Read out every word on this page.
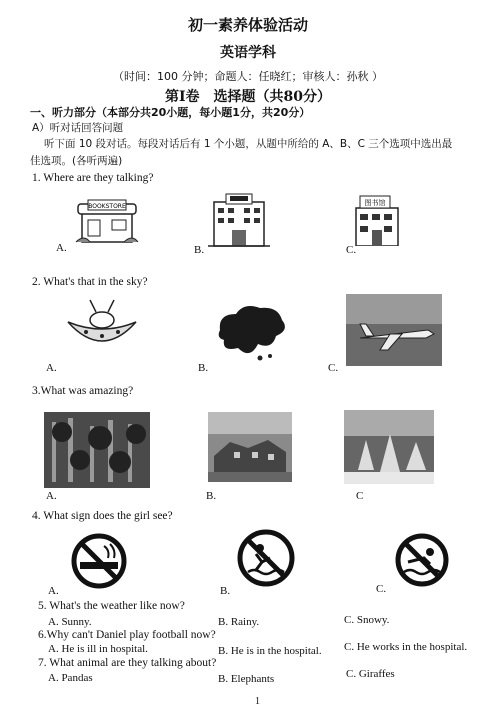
初一素养体验活动
英语学科
（时间：100 分钟；命题人：任晓红；审核人：孙秋 ）
第Ⅰ卷　选择题（共80分）
一、听力部分（本部分共20小题，每小题1分，共20分）
A）听对话回答问题
听下面 10 段对话。每段对话后有 1 个小题，从题中所给的 A、B、C 三个选项中选出最
佳选项。(各听两遍)
1. Where are they talking?
BOOKSTORE
A.	B.
图书馆
C.
2. What's that in the sky?
A.	B.	C.
3.What was amazing?
A.	B.	C
4. What sign does the girl see?
A.	B.	C.
5. What's the weather like now?
A. Sunny.	B. Rainy.	C. Snowy.
6.Why can't Daniel play football now?
A. He is ill in hospital.	B. He is in the hospital. C. He works in the hospital.
7. What animal are they talking about?
A. Pandas	B. Elephants	C. Giraffes
1
